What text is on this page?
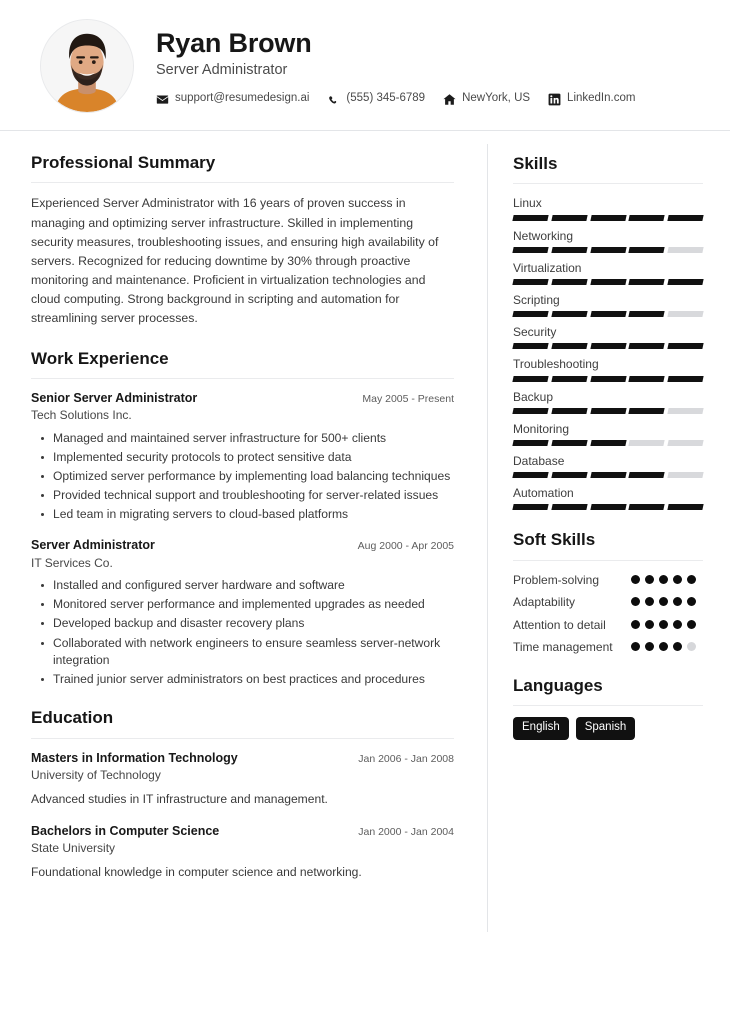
Ryan Brown
Server Administrator
support@resumedesign.ai	(555) 345-6789	NewYork, US	LinkedIn.com
Professional Summary

Experienced Server Administrator with 16 years of proven success in managing and optimizing server infrastructure. Skilled in implementing security measures, troubleshooting issues, and ensuring high availability of servers. Recognized for reducing downtime by 30% through proactive monitoring and maintenance. Proficient in virtualization technologies and cloud computing. Strong background in scripting and automation for streamlining server processes.

Work Experience
Senior Server Administrator	May 2005 - Present
Tech Solutions Inc.
Managed and maintained server infrastructure for 500+ clients
Implemented security protocols to protect sensitive data
Optimized server performance by implementing load balancing techniques
Provided technical support and troubleshooting for server-related issues
Led team in migrating servers to cloud-based platforms
Server Administrator	Aug 2000 - Apr 2005
IT Services Co.
Installed and configured server hardware and software
Monitored server performance and implemented upgrades as needed
Developed backup and disaster recovery plans
Collaborated with network engineers to ensure seamless server-network integration
Trained junior server administrators on best practices and procedures
Education
Masters in Information Technology	Jan 2006 - Jan 2008
University of Technology
Advanced studies in IT infrastructure and management.
Bachelors in Computer Science	Jan 2000 - Jan 2004
State University
Foundational knowledge in computer science and networking.
Skills
Linux
Networking
Virtualization
Scripting
Security
Troubleshooting
Backup
Monitoring
Database
Automation
Soft Skills
Problem-solving
Adaptability
Attention to detail
Time management
Languages
English	Spanish
